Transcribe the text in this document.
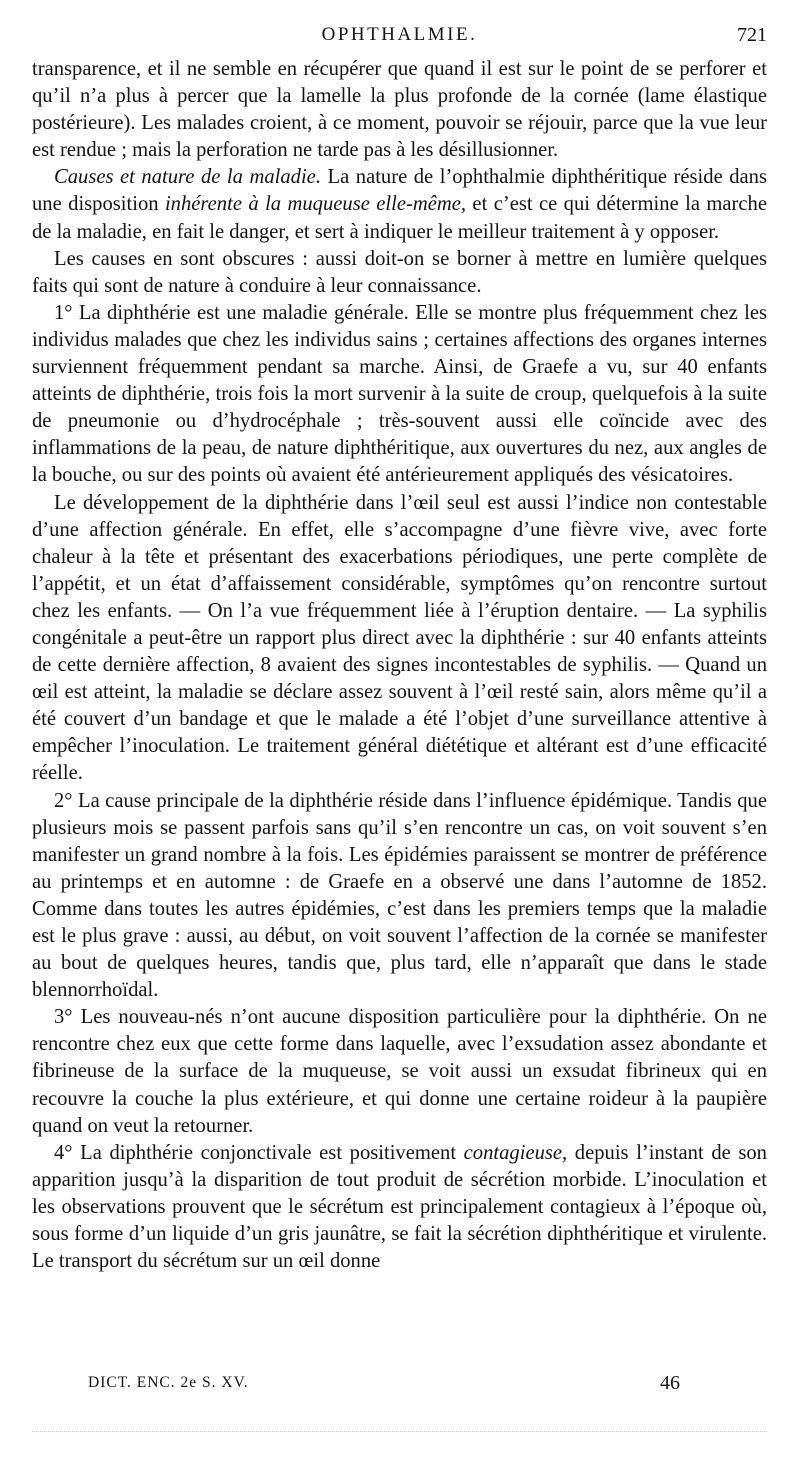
OPHTHALMIE.	721

transparence, et il ne semble en récupérer que quand il est sur le point de se perforer et qu’il n’a plus à percer que la lamelle la plus profonde de la cornée (lame élastique postérieure). Les malades croient, à ce moment, pouvoir se réjouir, parce que la vue leur est rendue ; mais la perforation ne tarde pas à les désillusionner.

Causes et nature de la maladie. La nature de l’ophthalmie diphthéritique réside dans une disposition inhérente à la muqueuse elle-même, et c’est ce qui détermine la marche de la maladie, en fait le danger, et sert à indiquer le meilleur traitement à y opposer.

Les causes en sont obscures : aussi doit-on se borner à mettre en lumière quelques faits qui sont de nature à conduire à leur connaissance.

1° La diphthérie est une maladie générale. Elle se montre plus fréquemment chez les individus malades que chez les individus sains ; certaines affections des organes internes surviennent fréquemment pendant sa marche. Ainsi, de Graefe a vu, sur 40 enfants atteints de diphthérie, trois fois la mort survenir à la suite de croup, quelquefois à la suite de pneumonie ou d’hydrocéphale ; très-souvent aussi elle coïncide avec des inflammations de la peau, de nature diphthéritique, aux ouvertures du nez, aux angles de la bouche, ou sur des points où avaient été antérieurement appliqués des vésicatoires.

Le développement de la diphthérie dans l’œil seul est aussi l’indice non contestable d’une affection générale. En effet, elle s’accompagne d’une fièvre vive, avec forte chaleur à la tête et présentant des exacerbations périodiques, une perte complète de l’appétit, et un état d’affaissement considérable, symptômes qu’on rencontre surtout chez les enfants. — On l’a vue fréquemment liée à l’éruption dentaire. — La syphilis congénitale a peut-être un rapport plus direct avec la diphthérie : sur 40 enfants atteints de cette dernière affection, 8 avaient des signes incontestables de syphilis. — Quand un œil est atteint, la maladie se déclare assez souvent à l’œil resté sain, alors même qu’il a été couvert d’un bandage et que le malade a été l’objet d’une surveillance attentive à empêcher l’inoculation. Le traitement général diététique et altérant est d’une efficacité réelle.

2° La cause principale de la diphthérie réside dans l’influence épidémique. Tandis que plusieurs mois se passent parfois sans qu’il s’en rencontre un cas, on voit souvent s’en manifester un grand nombre à la fois. Les épidémies paraissent se montrer de préférence au printemps et en automne : de Graefe en a observé une dans l’automne de 1852. Comme dans toutes les autres épidémies, c’est dans les premiers temps que la maladie est le plus grave : aussi, au début, on voit souvent l’affection de la cornée se manifester au bout de quelques heures, tandis que, plus tard, elle n’apparaît que dans le stade blennorrhoïdal.

3° Les nouveau-nés n’ont aucune disposition particulière pour la diphthérie. On ne rencontre chez eux que cette forme dans laquelle, avec l’exsudation assez abondante et fibrineuse de la surface de la muqueuse, se voit aussi un exsudat fibrineux qui en recouvre la couche la plus extérieure, et qui donne une certaine roideur à la paupière quand on veut la retourner.

4° La diphthérie conjonctivale est positivement contagieuse, depuis l’instant de son apparition jusqu’à la disparition de tout produit de sécrétion morbide. L’inoculation et les observations prouvent que le sécrétum est principalement contagieux à l’époque où, sous forme d’un liquide d’un gris jaunâtre, se fait la sécrétion diphthéritique et virulente. Le transport du sécrétum sur un œil donne

DICT. ENC. 2e S. XV.	46
